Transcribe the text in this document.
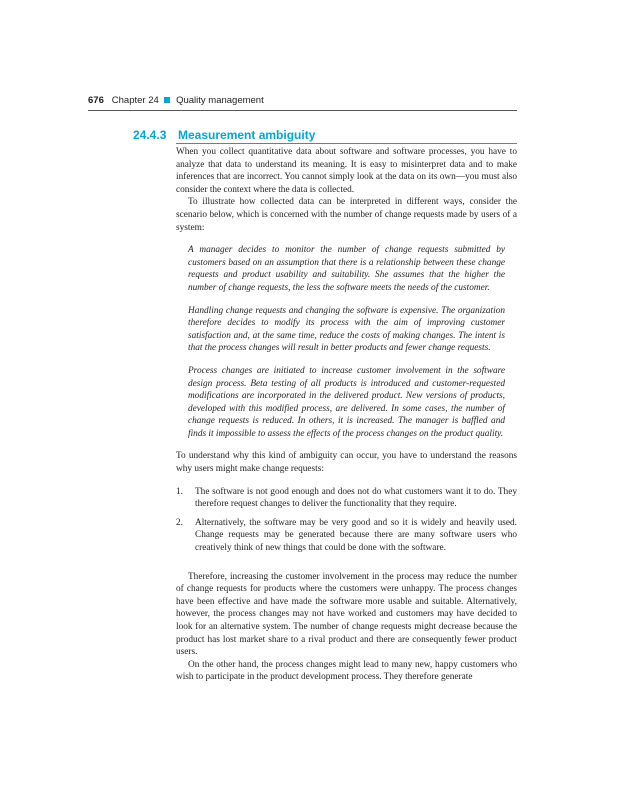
676 Chapter 24 Quality management
24.4.3 Measurement ambiguity

When you collect quantitative data about software and software processes, you have to analyze that data to understand its meaning. It is easy to misinterpret data and to make inferences that are incorrect. You cannot simply look at the data on its own—you must also consider the context where the data is collected.

To illustrate how collected data can be interpreted in different ways, consider the scenario below, which is concerned with the number of change requests made by users of a system:

A manager decides to monitor the number of change requests submitted by customers based on an assumption that there is a relationship between these change requests and product usability and suitability. She assumes that the higher the number of change requests, the less the software meets the needs of the customer.

Handling change requests and changing the software is expensive. The organization therefore decides to modify its process with the aim of improving customer satisfaction and, at the same time, reduce the costs of making changes. The intent is that the process changes will result in better products and fewer change requests.

Process changes are initiated to increase customer involvement in the software design process. Beta testing of all products is introduced and customer-requested modifications are incorporated in the delivered product. New versions of products, developed with this modified process, are delivered. In some cases, the number of change requests is reduced. In others, it is increased. The manager is baffled and finds it impossible to assess the effects of the process changes on the product quality.

To understand why this kind of ambiguity can occur, you have to understand the reasons why users might make change requests:

1. The software is not good enough and does not do what customers want it to do. They therefore request changes to deliver the functionality that they require.
2. Alternatively, the software may be very good and so it is widely and heavily used. Change requests may be generated because there are many software users who creatively think of new things that could be done with the software.

Therefore, increasing the customer involvement in the process may reduce the number of change requests for products where the customers were unhappy. The process changes have been effective and have made the software more usable and suitable. Alternatively, however, the process changes may not have worked and customers may have decided to look for an alternative system. The number of change requests might decrease because the product has lost market share to a rival product and there are consequently fewer product users.

On the other hand, the process changes might lead to many new, happy customers who wish to participate in the product development process. They therefore generate
